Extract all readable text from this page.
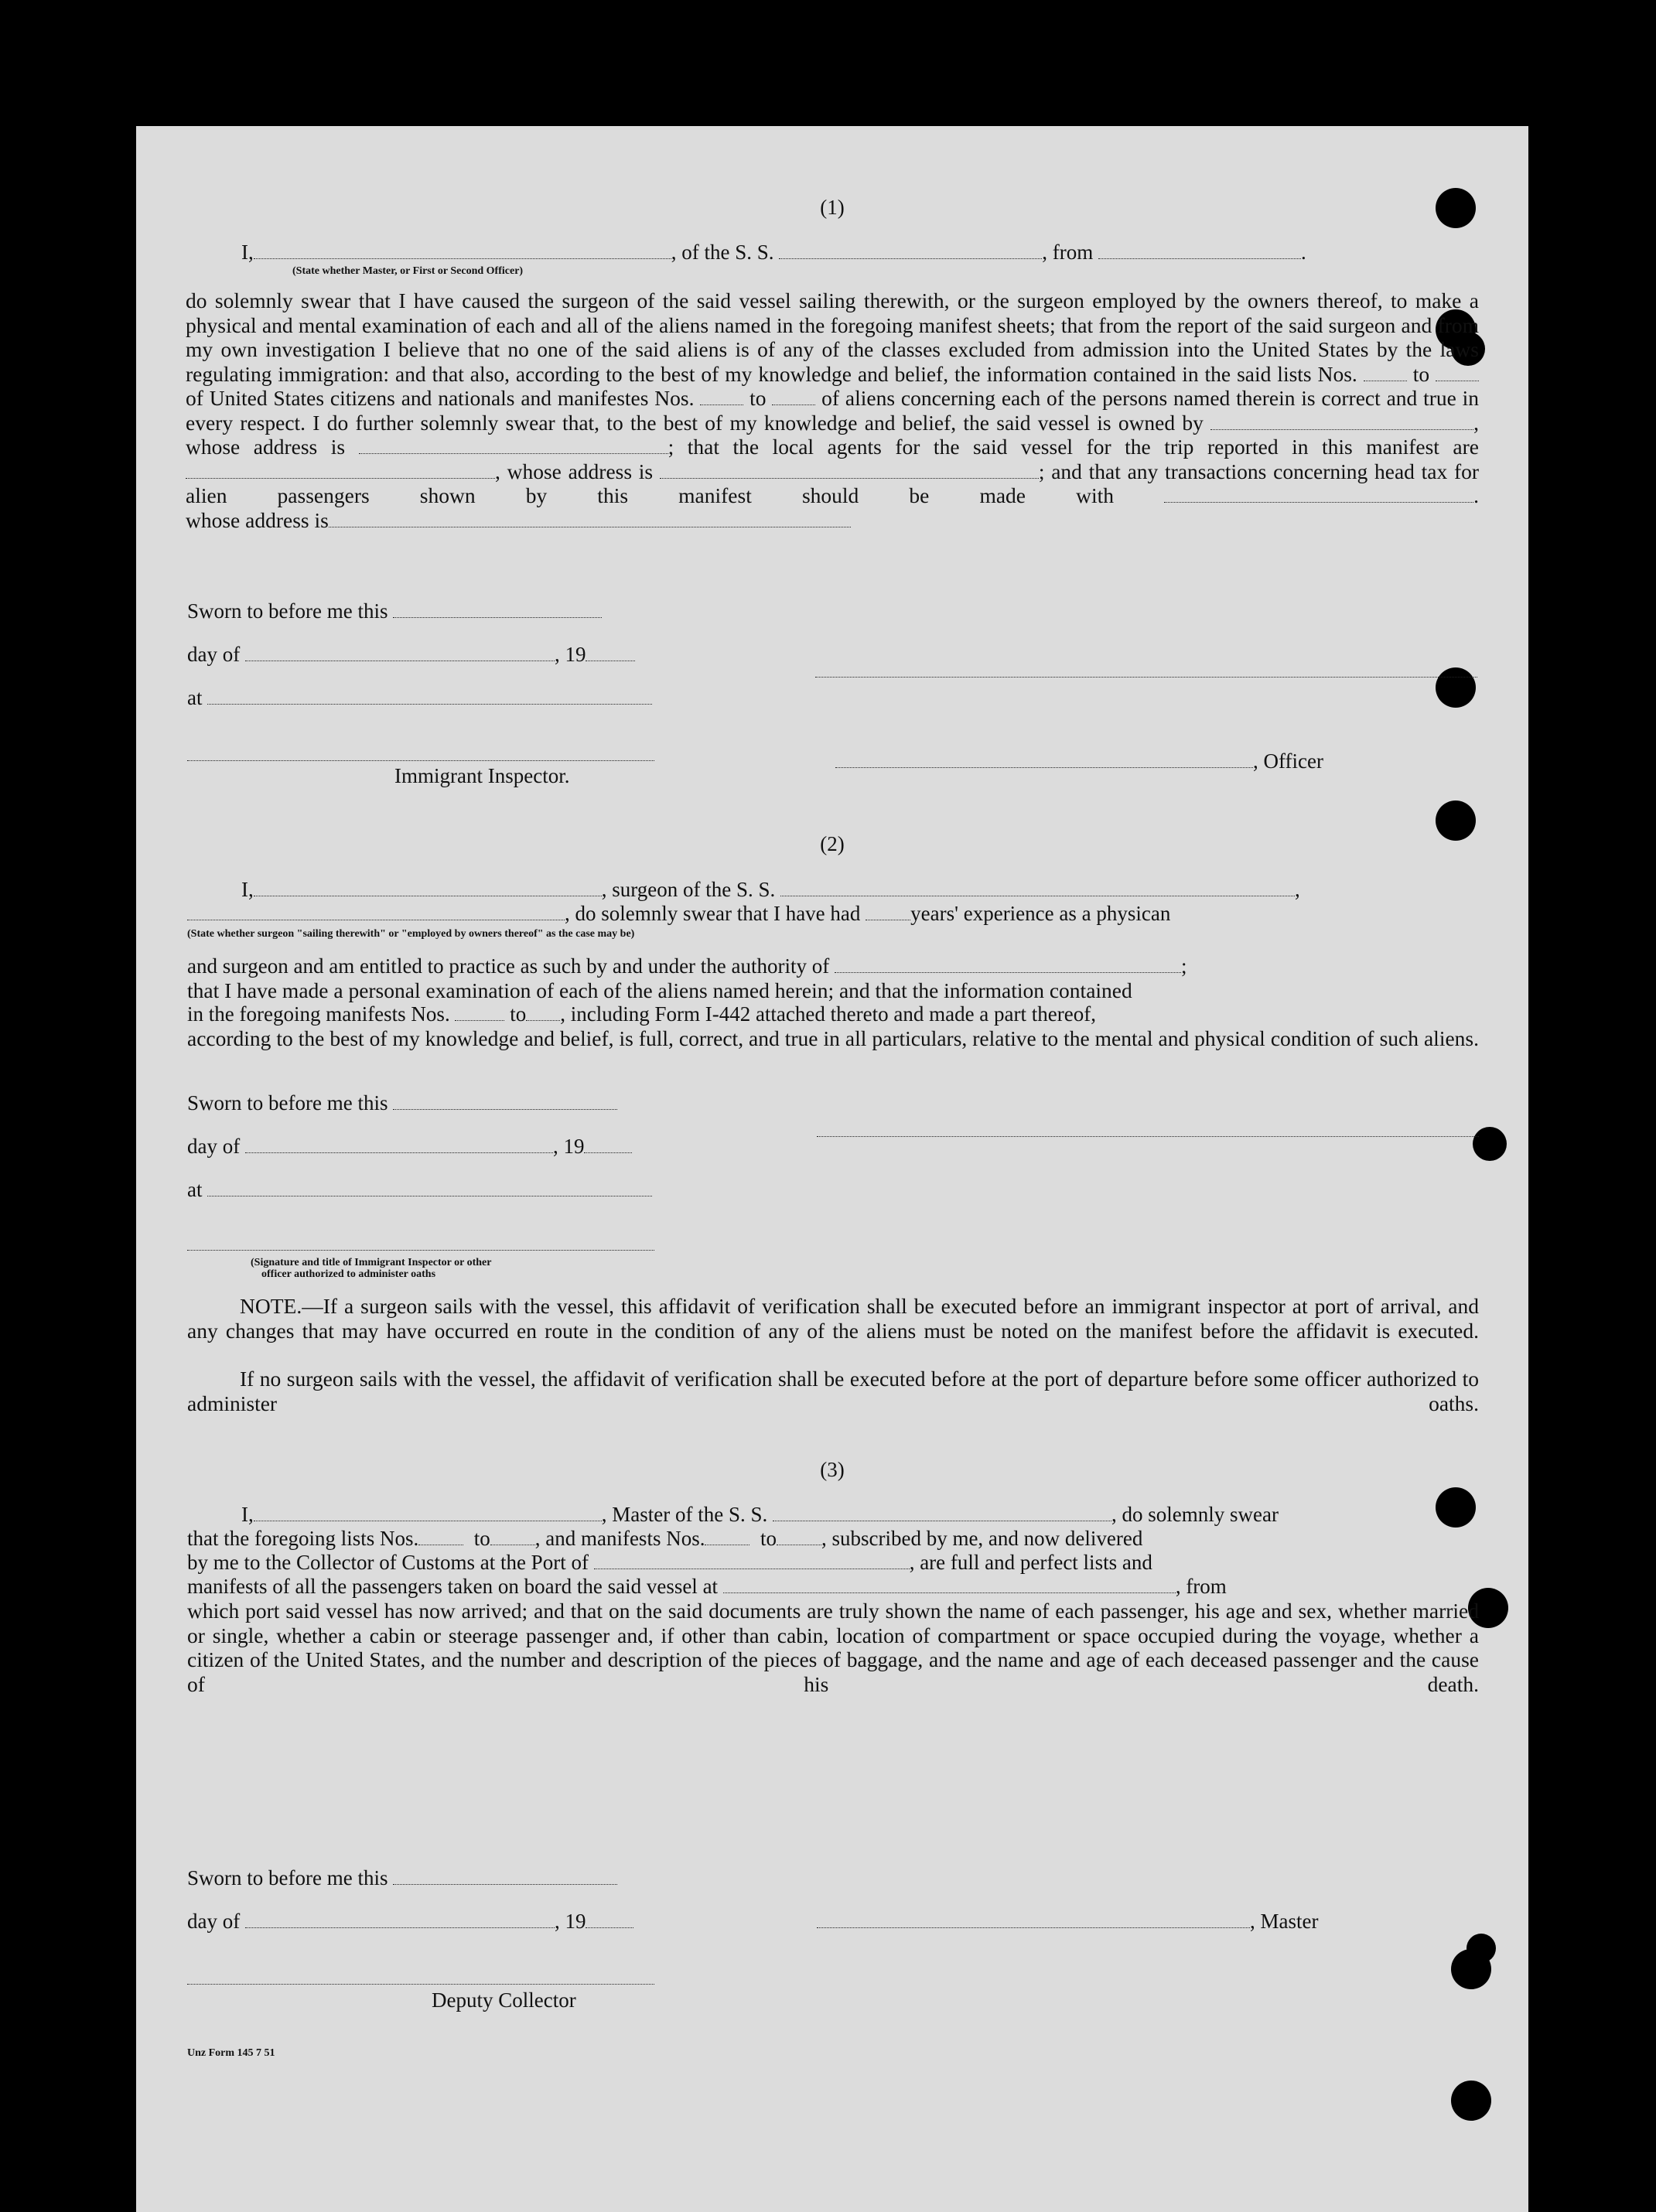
(1)
I,	, of the S. S.	, from	.
(State whether Master, or First or Second Officer)
do solemnly swear that I have caused the surgeon of the said vessel sailing therewith, or the surgeon employed by the owners thereof, to make a physical and mental examination of each and all of the aliens named in the foregoing manifest sheets; that from the report of the said surgeon and from my own investigation I believe that no one of the said aliens is of any of the classes excluded from admission into the United States by the laws regulating immigration: and that also, according to the best of my knowledge and belief, the information contained in the said lists Nos.	to  of United States citizens and nationals and manifestes Nos.	to	of aliens concerning each of the persons named therein is correct and true in every respect. I do further solemnly swear that, to the best of my knowledge and belief, the said vessel is owned by	, whose address is	; that the local agents for the said vessel for the trip reported in this manifest are , whose address is	; and that any transactions concerning head tax for alien passengers shown by this manifest should be made with	.
whose address is
Sworn to before me this
day of	, 19
at
Immigrant Inspector.
, Officer
(2)
I,	, surgeon of the S. S.	,
, do solemnly swear that I have had years' experience as a physican
(State whether surgeon "sailing therewith" or "employed by owners thereof" as the case may be)
and surgeon and am entitled to practice as such by and under the authority of	;
that I have made a personal examination of each of the aliens named herein; and that the information contained
in the foregoing manifests Nos.	to , including Form I-442 attached thereto and made a part thereof,
according to the best of my knowledge and belief, is full, correct, and true in all particulars, relative to the mental and physical condition of such aliens.
Sworn to before me this
day of	, 19
at
(Signature and title of Immigrant Inspector or other
officer authorized to administer oaths
NOTE.—If a surgeon sails with the vessel, this affidavit of verification shall be executed before an immigrant inspector at port of arrival, and any changes that may have occurred en route in the condition of any of the aliens must be noted on the manifest before the affidavit is executed.
If no surgeon sails with the vessel, the affidavit of verification shall be executed before at the port of departure before some officer authorized to administer oaths.
(3)
I,	, Master of the S. S.	, do solemnly swear
that the foregoing lists Nos.	to , and manifests Nos.	to , subscribed by me, and now delivered
by me to the Collector of Customs at the Port of	, are full and perfect lists and
manifests of all the passengers taken on board the said vessel at	, from
which port said vessel has now arrived; and that on the said documents are truly shown the name of each passenger, his age and sex, whether married or single, whether a cabin or steerage passenger and, if other than cabin, location of compartment or space occupied during the voyage, whether a citizen of the United States, and the number and description of the pieces of baggage, and the name and age of each deceased passenger and the cause of his death.
Sworn to before me this
day of	, 19	, Master
Deputy Collector
Unz Form 145 7 51
